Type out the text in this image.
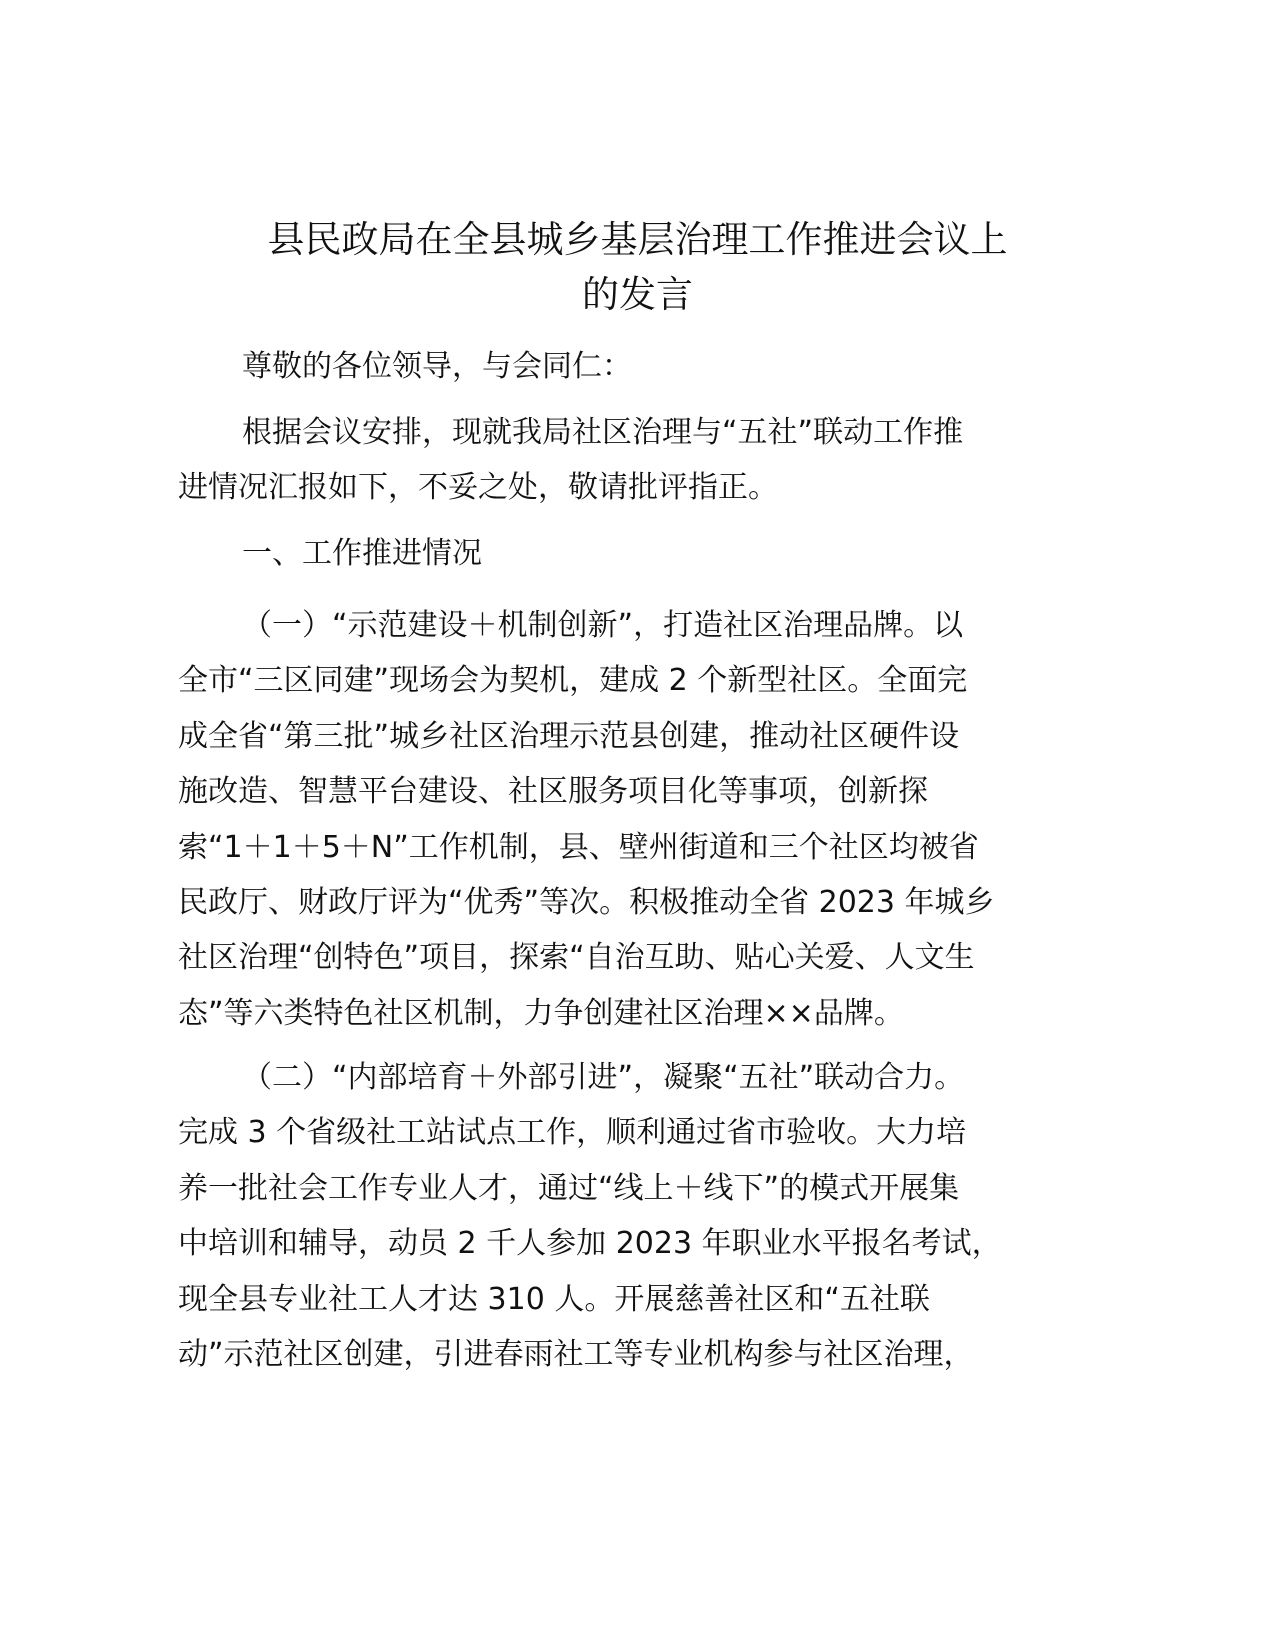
县民政局在全县城乡基层治理工作推进会议上
的发言
尊敬的各位领导，与会同仁：
根据会议安排，现就我局社区治理与“五社”联动工作推
进情况汇报如下，不妥之处，敬请批评指正。
一、工作推进情况
（一）“示范建设＋机制创新”，打造社区治理品牌。以
全市“三区同建”现场会为契机，建成 2 个新型社区。全面完
成全省“第三批”城乡社区治理示范县创建，推动社区硬件设
施改造、智慧平台建设、社区服务项目化等事项，创新探
索“1＋1＋5＋N”工作机制，县、壁州街道和三个社区均被省
民政厅、财政厅评为“优秀”等次。积极推动全省 2023 年城乡
社区治理“创特色”项目，探索“自治互助、贴心关爱、人文生
态”等六类特色社区机制，力争创建社区治理××品牌。
（二）“内部培育＋外部引进”，凝聚“五社”联动合力。
完成 3 个省级社工站试点工作，顺利通过省市验收。大力培
养一批社会工作专业人才，通过“线上＋线下”的模式开展集
中培训和辅导，动员 2 千人参加 2023 年职业水平报名考试，
现全县专业社工人才达 310 人。开展慈善社区和“五社联
动”示范社区创建，引进春雨社工等专业机构参与社区治理，
